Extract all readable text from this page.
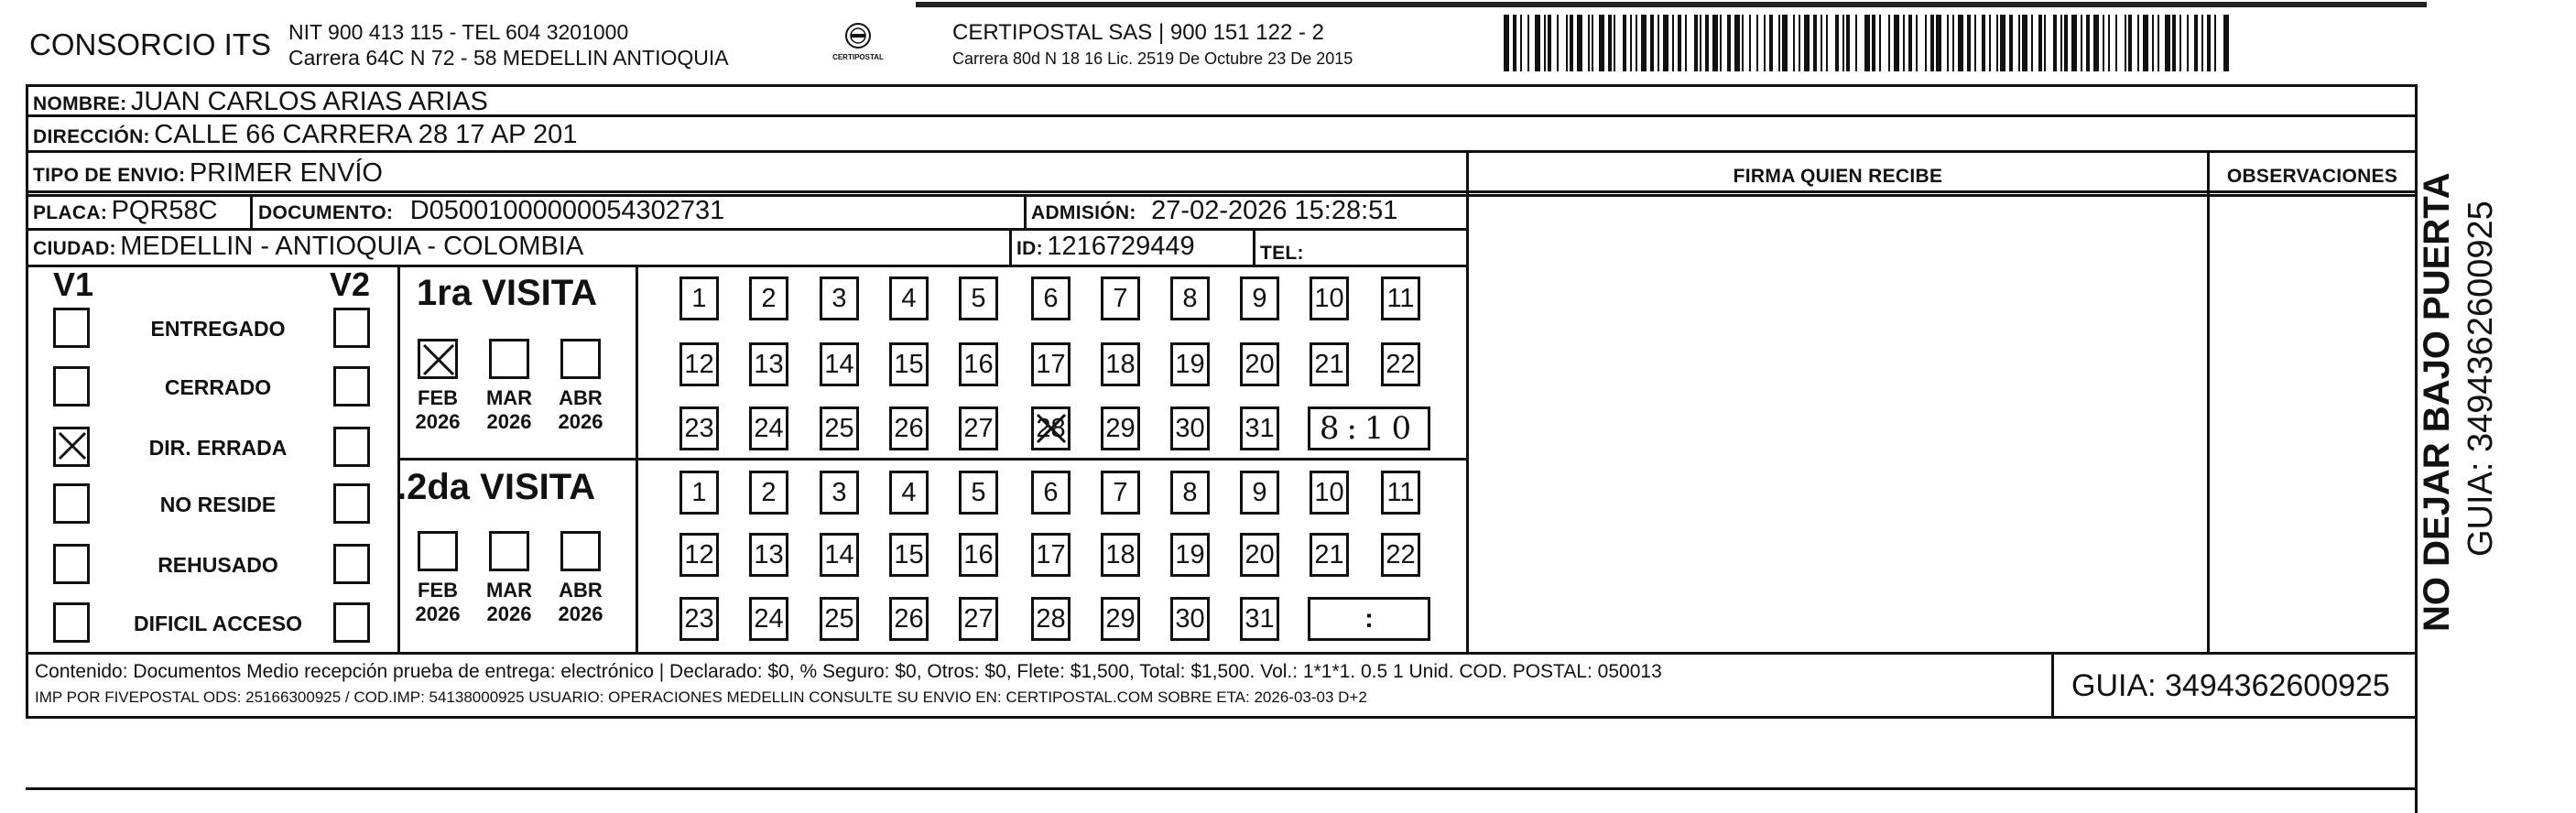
CONSORCIO ITS NIT 900 413 115 - TEL 604 3201000
Carrera 64C N 72 - 58 MEDELLIN ANTIOQUIA	CERTIPOSTAL
CERTIPOSTAL SAS | 900 151 122 - 2
Carrera 80d N 18 16 Lic. 2519 De Octubre 23 De 2015
NOMBRE: JUAN CARLOS ARIAS ARIAS
DIRECCIÓN: CALLE 66 CARRERA 28 17 AP 201
TIPO DE ENVIO: PRIMER ENVÍO	FIRMA QUIEN RECIBE	OBSERVACIONES
PLACA: PQR58C DOCUMENTO: D05001000000054302731	ADMISIÓN: 27-02-2026 15:28:51
CIUDAD: MEDELLIN - ANTIOQUIA - COLOMBIA	ID: 1216729449	TEL:
V1	V2 1ra VISITA
.2da VISITA
ENTREGADO
CERRADO
DIR. ERRADA
NO RESIDE
REHUSADO
DIFICIL ACCESO
FEB
2026
MAR
2026
ABR
2026
FEB
2026
MAR
2026
ABR
2026
1	2	3	4	5	6	7	8	9	10 11
12 13 14 15 16 17 18 19 20 21 22
23 24 25 26 27 28 29 30 31 8:10
1	2	3	4	5	6	7	8	9	10 11
12 13 14 15 16 17 18 19 20 21 22
23 24 25 26 27 28 29 30 31	:
Contenido: Documentos Medio recepción prueba de entrega: electrónico | Declarado: $0, % Seguro: $0, Otros: $0, Flete: $1,500, Total: $1,500. Vol.: 1*1*1. 0.5 1 Unid. COD. POSTAL: 050013
IMP POR FIVEPOSTAL ODS: 25166300925 / COD.IMP: 54138000925 USUARIO: OPERACIONES MEDELLIN CONSULTE SU ENVIO EN: CERTIPOSTAL.COM SOBRE ETA: 2026-03-03 D+2	GUIA: 3494362600925
NO DEJAR BAJO PUERTA GUIA: 3494362600925
